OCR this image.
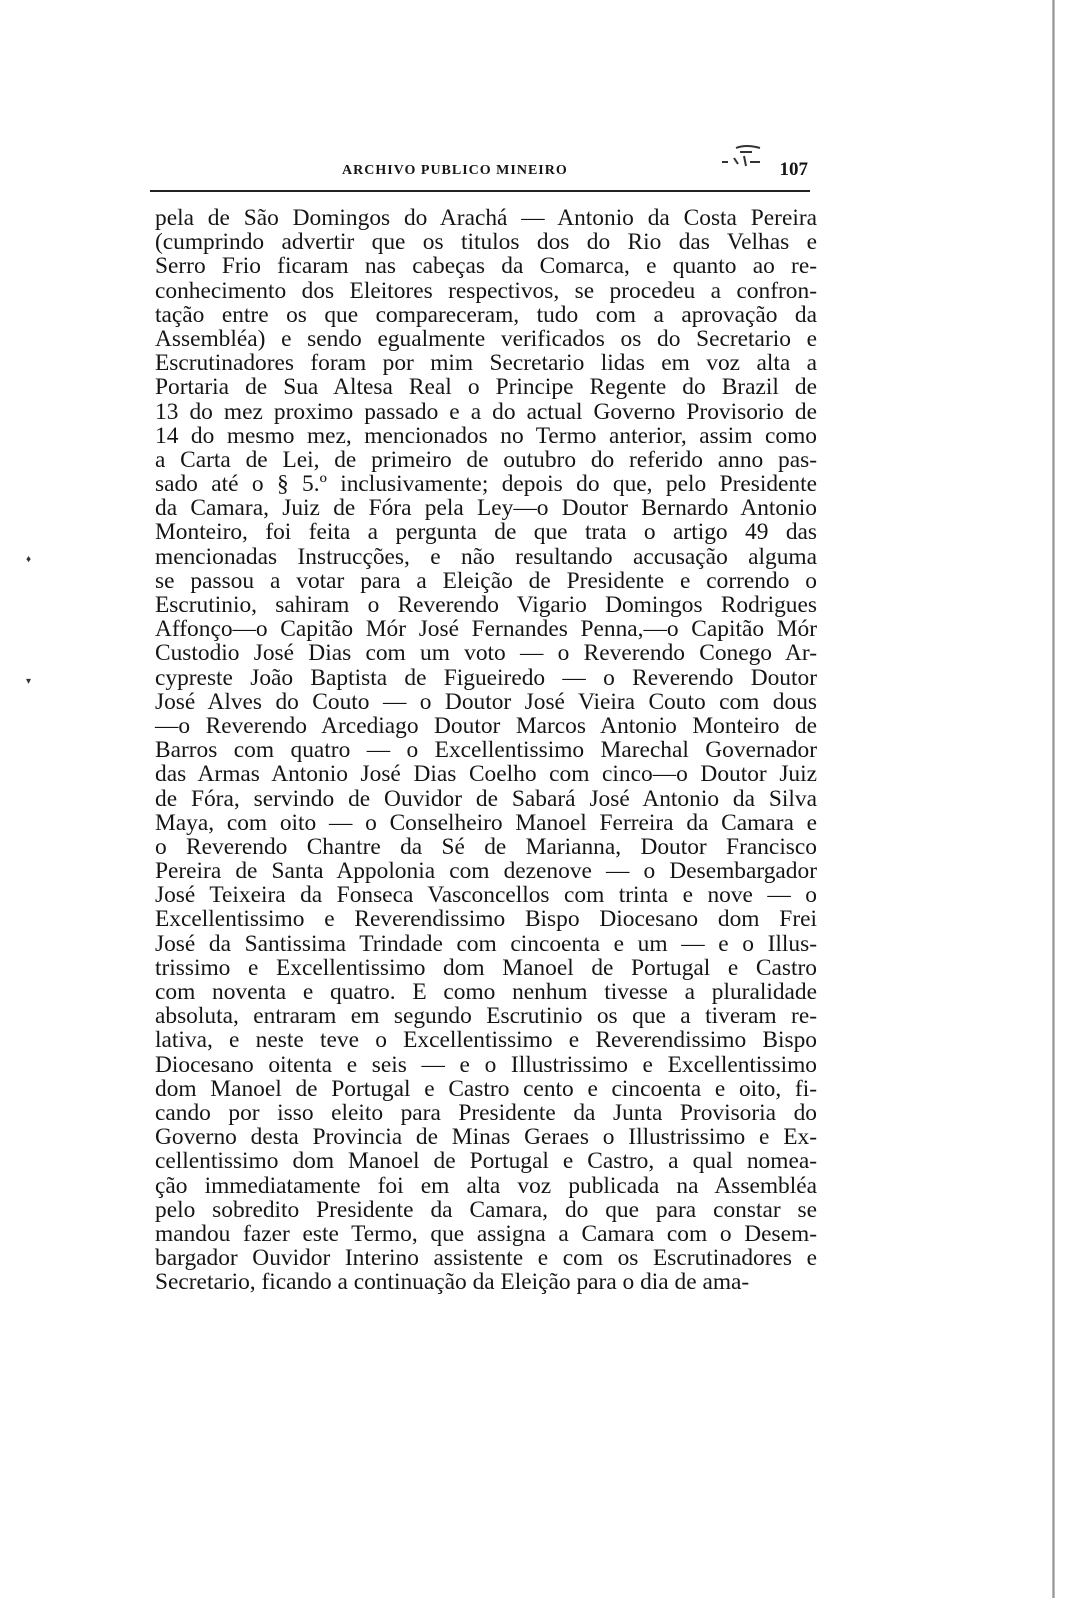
ARCHIVO PUBLICO MINEIRO	107
♦
▾
pela de São Domingos do Arachá — Antonio da Costa Pereira
(cumprindo advertir que os titulos dos do Rio das Velhas e
Serro Frio ficaram nas cabeças da Comarca, e quanto ao re-
conhecimento dos Eleitores respectivos, se procedeu a confron-
tação entre os que compareceram, tudo com a aprovação da
Assembléa) e sendo egualmente verificados os do Secretario e
Escrutinadores foram por mim Secretario lidas em voz alta a
Portaria de Sua Altesa Real o Principe Regente do Brazil de
13 do mez proximo passado e a do actual Governo Provisorio de
14 do mesmo mez, mencionados no Termo anterior, assim como
a Carta de Lei, de primeiro de outubro do referido anno pas-
sado até o § 5.º inclusivamente; depois do que, pelo Presidente
da Camara, Juiz de Fóra pela Ley—o Doutor Bernardo Antonio
Monteiro, foi feita a pergunta de que trata o artigo 49 das
mencionadas Instrucções, e não resultando accusação alguma
se passou a votar para a Eleição de Presidente e correndo o
Escrutinio, sahiram o Reverendo Vigario Domingos Rodrigues
Affonço—o Capitão Mór José Fernandes Penna,—o Capitão Mór
Custodio José Dias com um voto — o Reverendo Conego Ar-
cypreste João Baptista de Figueiredo — o Reverendo Doutor
José Alves do Couto — o Doutor José Vieira Couto com dous
—o Reverendo Arcediago Doutor Marcos Antonio Monteiro de
Barros com quatro — o Excellentissimo Marechal Governador
das Armas Antonio José Dias Coelho com cinco—o Doutor Juiz
de Fóra, servindo de Ouvidor de Sabará José Antonio da Silva
Maya, com oito — o Conselheiro Manoel Ferreira da Camara e
o Reverendo Chantre da Sé de Marianna, Doutor Francisco
Pereira de Santa Appolonia com dezenove — o Desembargador
José Teixeira da Fonseca Vasconcellos com trinta e nove — o
Excellentissimo e Reverendissimo Bispo Diocesano dom Frei
José da Santissima Trindade com cincoenta e um — e o Illus-
trissimo e Excellentissimo dom Manoel de Portugal e Castro
com noventa e quatro. E como nenhum tivesse a pluralidade
absoluta, entraram em segundo Escrutinio os que a tiveram re-
lativa, e neste teve o Excellentissimo e Reverendissimo Bispo
Diocesano oitenta e seis — e o Illustrissimo e Excellentissimo
dom Manoel de Portugal e Castro cento e cincoenta e oito, fi-
cando por isso eleito para Presidente da Junta Provisoria do
Governo desta Provincia de Minas Geraes o Illustrissimo e Ex-
cellentissimo dom Manoel de Portugal e Castro, a qual nomea-
ção immediatamente foi em alta voz publicada na Assembléa
pelo sobredito Presidente da Camara, do que para constar se
mandou fazer este Termo, que assigna a Camara com o Desem-
bargador Ouvidor Interino assistente e com os Escrutinadores e
Secretario, ficando a continuação da Eleição para o dia de ama-
